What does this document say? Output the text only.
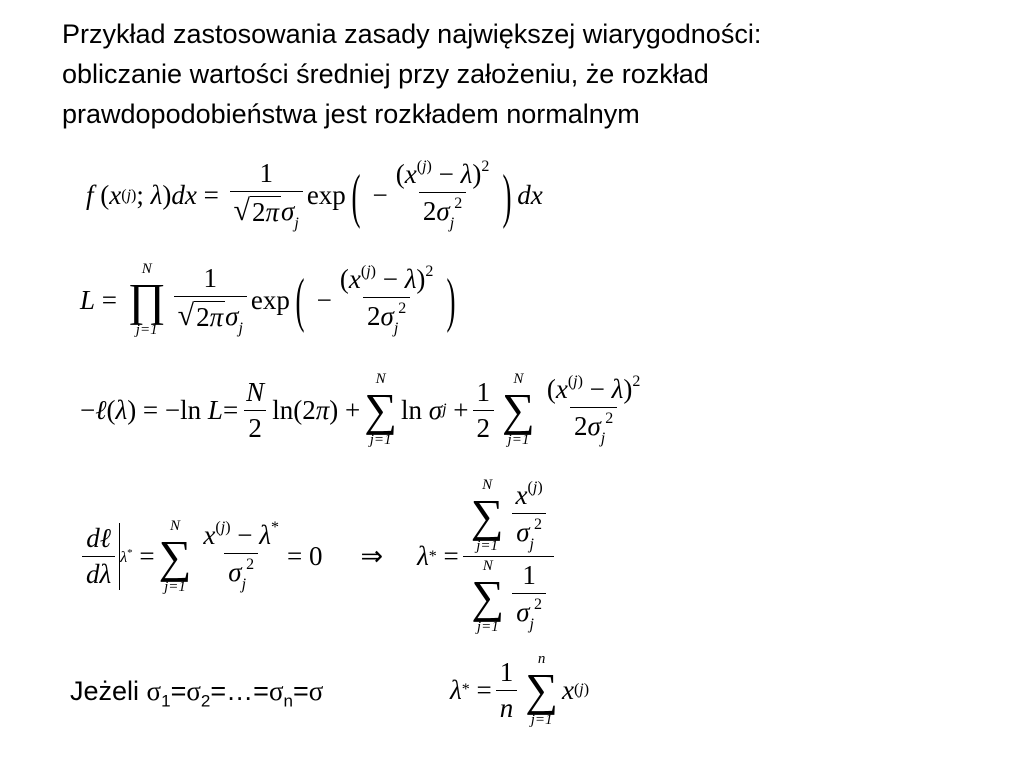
Przykład zastosowania zasady największej wiarygodności:
obliczanie wartości średniej przy założeniu, że rozkład
prawdopodobieństwa jest rozkładem normalnym
f ( x (j) ; λ ) dx = $\frac{1}{√ 2\pi \sigma_j}$ exp ( − $\frac{(x^{(j)} - \lambda)^2}{2\sigma_j^2}$ ) dx
L =
N
∏
$j=1 \frac{1}{√ 2\pi \sigma_j}$ exp ( − $\frac{(x^{(j)} - \lambda)^2}{2\sigma_j^2}$ )
− ℓ ( λ ) = − ln
$L = \frac{N}{2}$ ln (2 π ) +
N
∑
j=1
ln
σ $j + \frac{1}{2}$ N
∑
$j=1 \frac{(x^{(j)} - \lambda)^2}{2\sigma_j^2}$
$\frac{\text{dℓ}}{d\lambda} \lambda^*$ =
N
∑
$j=1 \frac{x^{(j)} - \lambda^*}{\sigma_j^2} = 0$ ⇒ λ * = N
∑
$j=1 \frac{x^{(j)}}{\sigma_j^2}$
N
∑
$j=1 \frac{1}{\sigma_j^2}$
Jeżeli $\sigma_1=\sigma_2=\dots=\sigma_n=\sigma$	λ * = $\frac{1}{n}$ n
∑
j=1
x (j)
